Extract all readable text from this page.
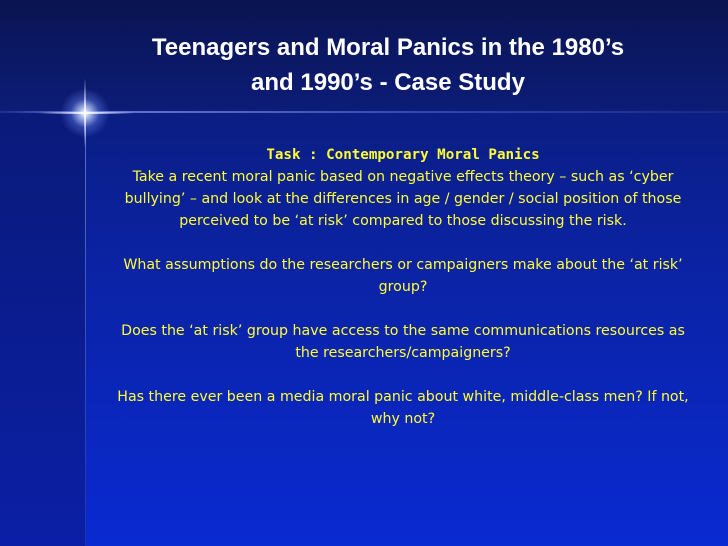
Teenagers and Moral Panics in the 1980’s
and 1990’s - Case Study

Task : Contemporary Moral Panics

Take a recent moral panic based on negative effects theory – such as ‘cyber bullying’ – and look at the differences in age / gender / social position of those perceived to be ‘at risk’ compared to those discussing the risk.

What assumptions do the researchers or campaigners make about the ‘at risk’ group?

Does the ‘at risk’ group have access to the same communications resources as the researchers/campaigners?

Has there ever been a media moral panic about white, middle-class men? If not, why not?
